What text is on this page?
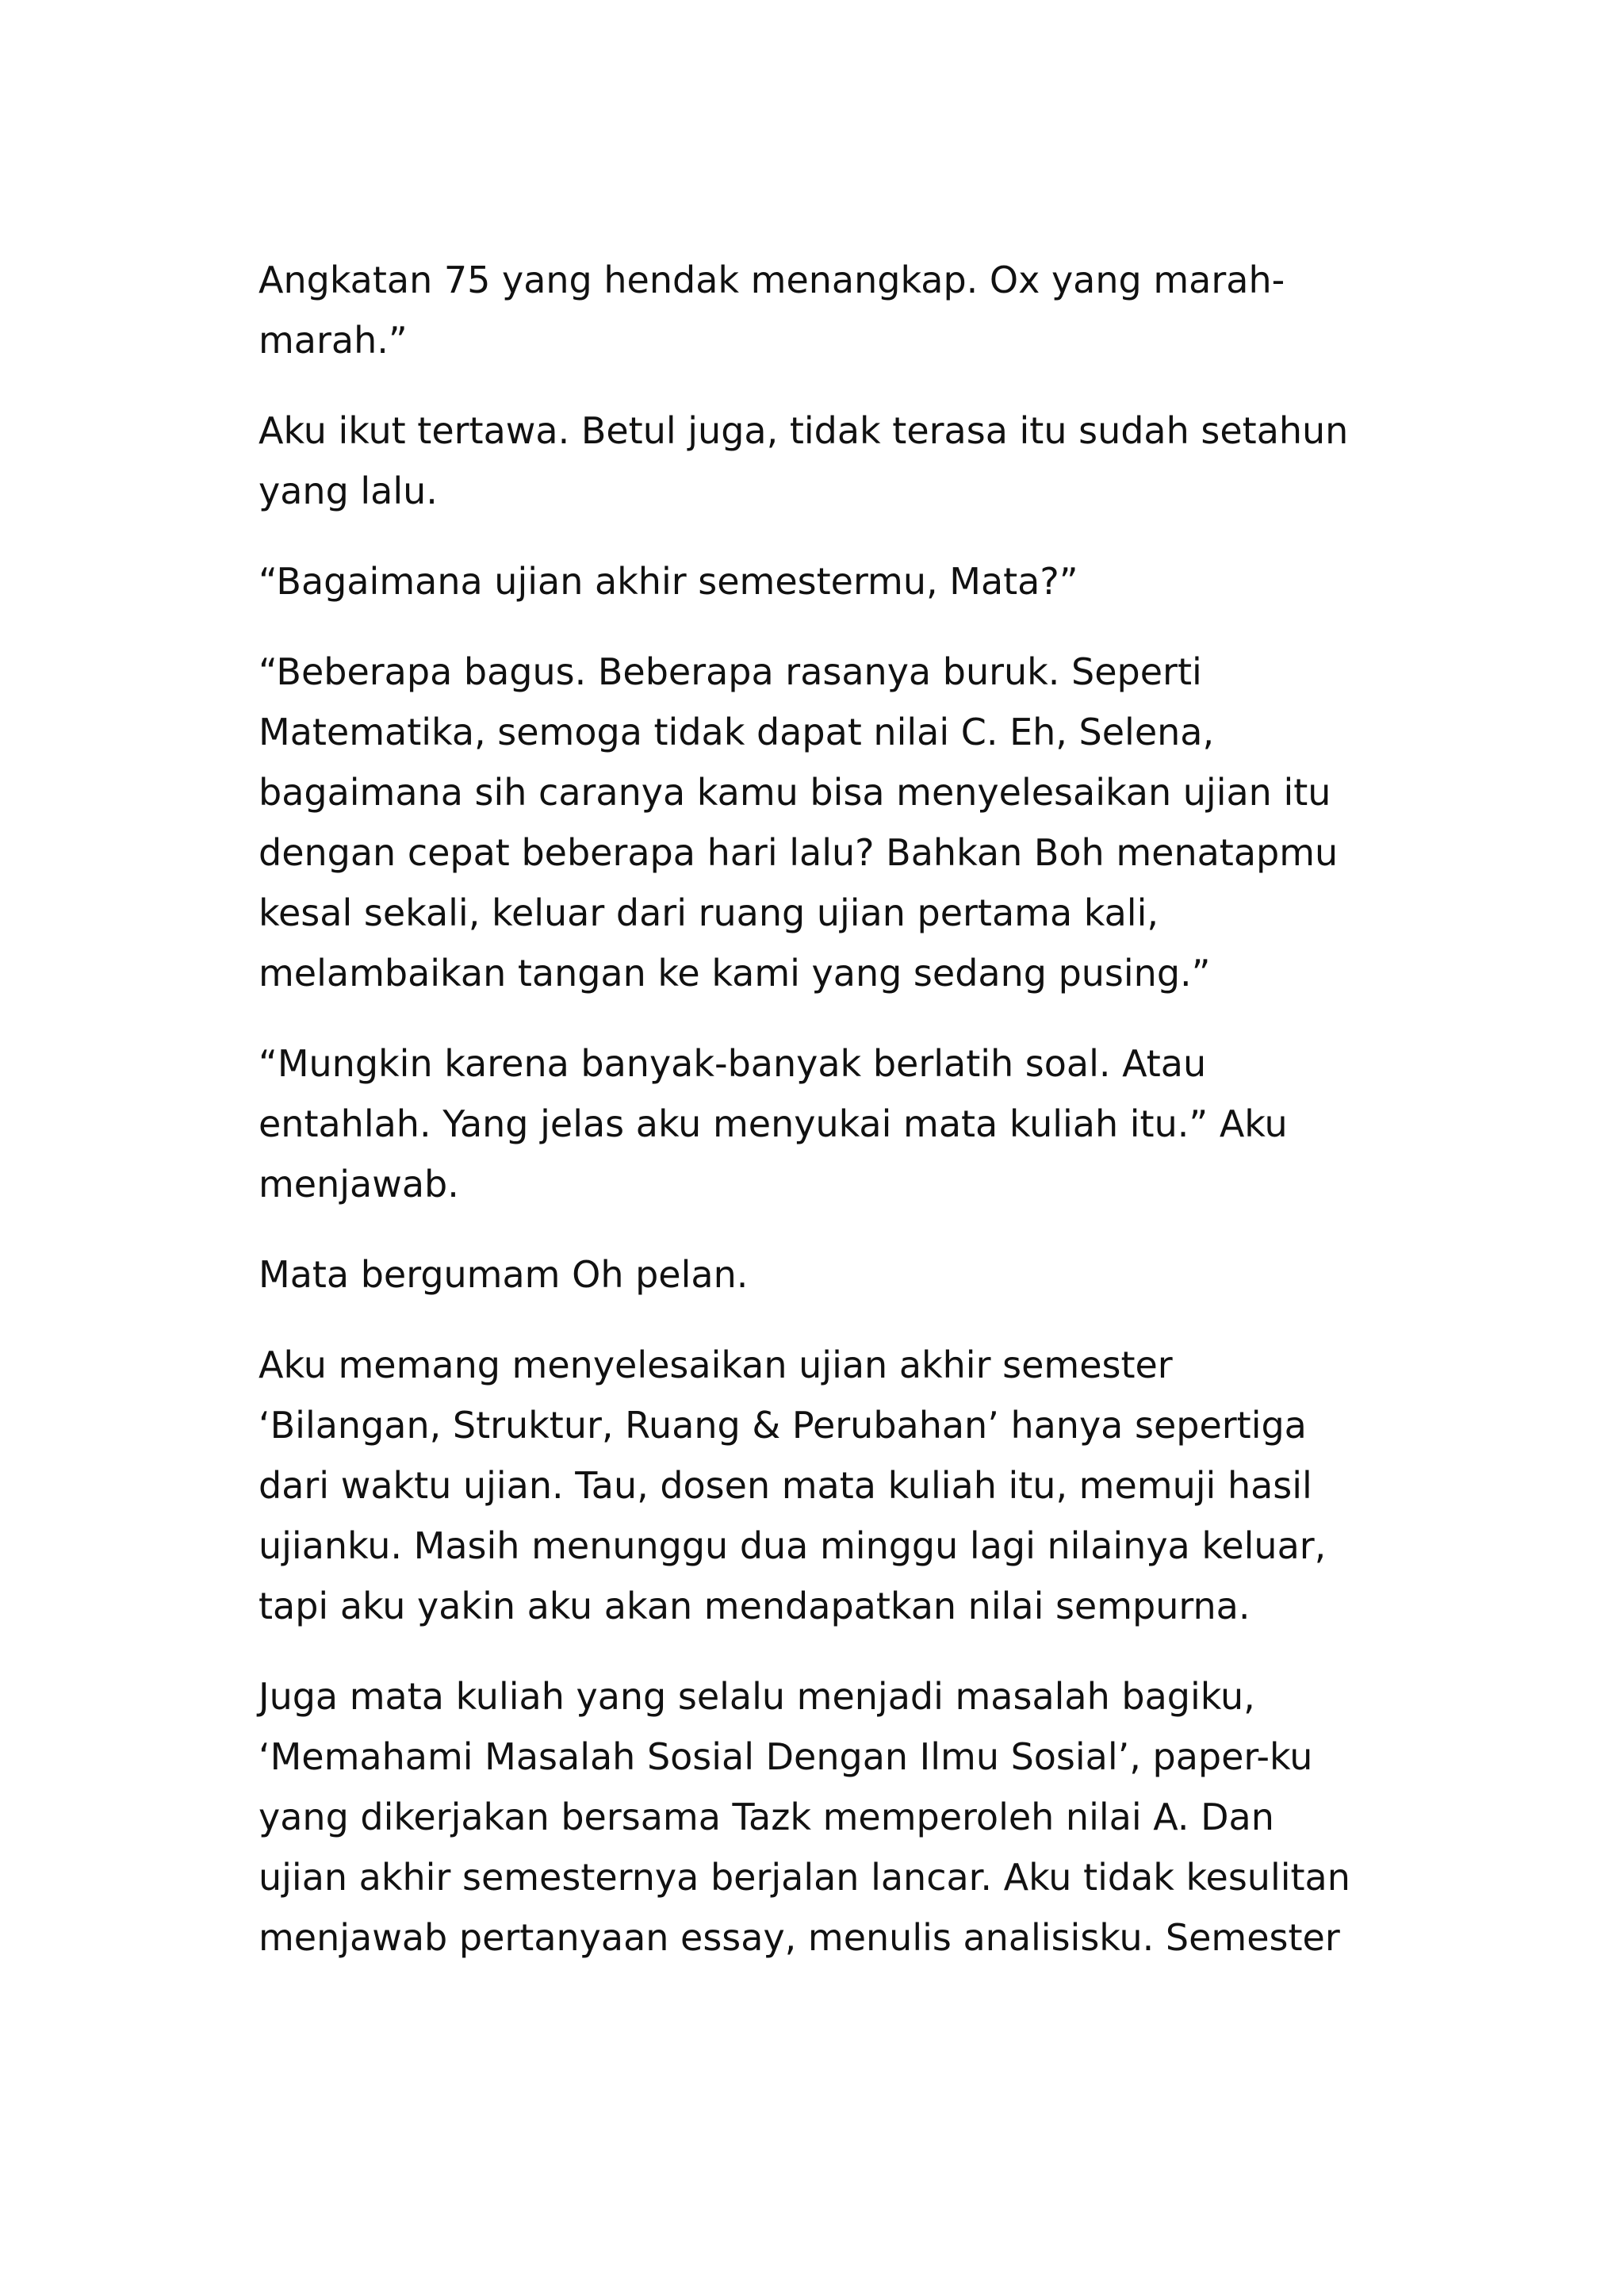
Angkatan 75 yang hendak menangkap. Ox yang marah-
marah.”

Aku ikut tertawa. Betul juga, tidak terasa itu sudah setahun
yang lalu.

“Bagaimana ujian akhir semestermu, Mata?”

“Beberapa bagus. Beberapa rasanya buruk. Seperti
Matematika, semoga tidak dapat nilai C. Eh, Selena,
bagaimana sih caranya kamu bisa menyelesaikan ujian itu
dengan cepat beberapa hari lalu? Bahkan Boh menatapmu
kesal sekali, keluar dari ruang ujian pertama kali,
melambaikan tangan ke kami yang sedang pusing.”

“Mungkin karena banyak-banyak berlatih soal. Atau
entahlah. Yang jelas aku menyukai mata kuliah itu.” Aku
menjawab.

Mata bergumam Oh pelan.

Aku memang menyelesaikan ujian akhir semester
‘Bilangan, Struktur, Ruang & Perubahan’ hanya sepertiga
dari waktu ujian. Tau, dosen mata kuliah itu, memuji hasil
ujianku. Masih menunggu dua minggu lagi nilainya keluar,
tapi aku yakin aku akan mendapatkan nilai sempurna.

Juga mata kuliah yang selalu menjadi masalah bagiku,
‘Memahami Masalah Sosial Dengan Ilmu Sosial’, paper-ku
yang dikerjakan bersama Tazk memperoleh nilai A. Dan
ujian akhir semesternya berjalan lancar. Aku tidak kesulitan
menjawab pertanyaan essay, menulis analisisku. Semester
